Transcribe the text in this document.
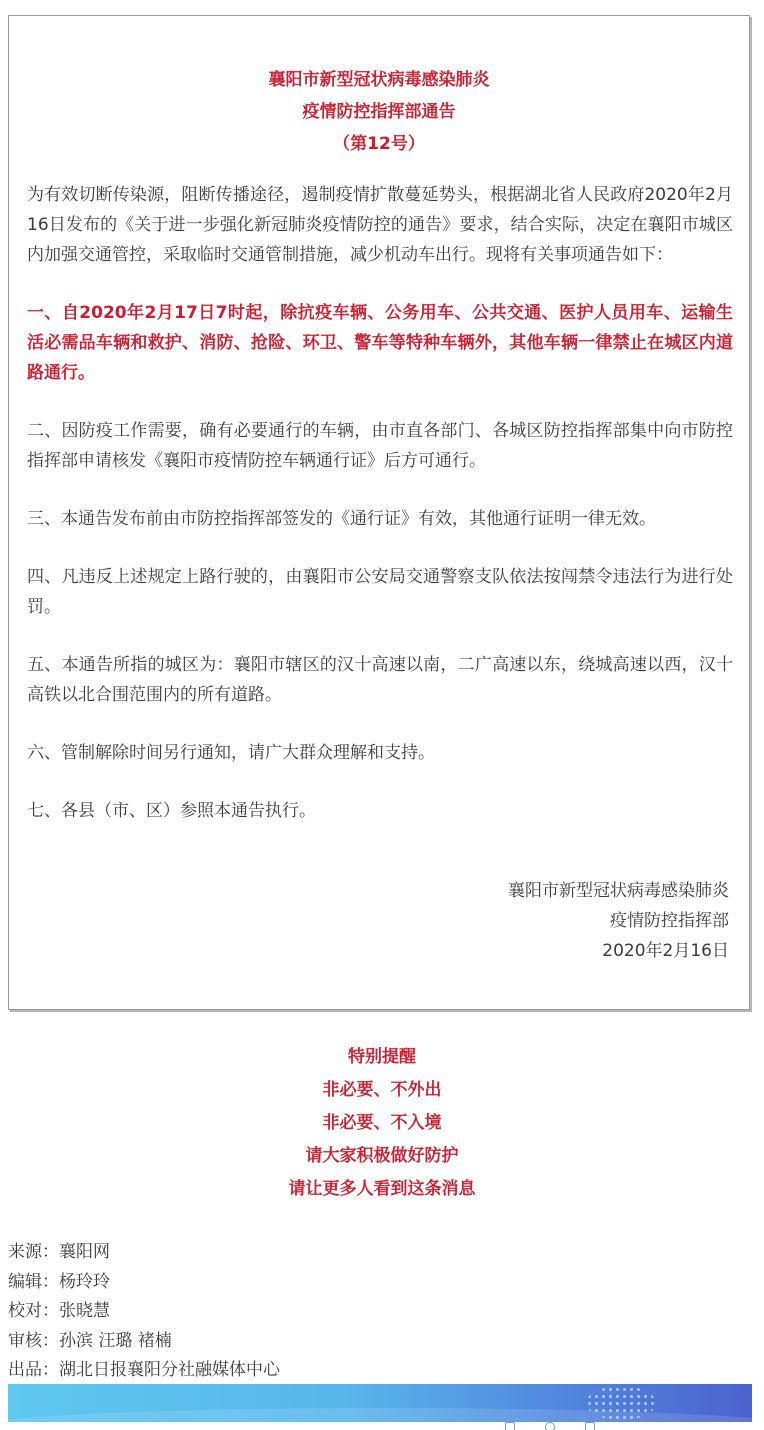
襄阳市新型冠状病毒感染肺炎
疫情防控指挥部通告
（第12号）

为有效切断传染源，阻断传播途径，遏制疫情扩散蔓延势头，根据湖北省人民政府2020年2月16日发布的《关于进一步强化新冠肺炎疫情防控的通告》要求，结合实际，决定在襄阳市城区内加强交通管控，采取临时交通管制措施，减少机动车出行。现将有关事项通告如下：

一、自2020年2月17日7时起，除抗疫车辆、公务用车、公共交通、医护人员用车、运输生活必需品车辆和救护、消防、抢险、环卫、警车等特种车辆外，其他车辆一律禁止在城区内道路通行。

二、因防疫工作需要，确有必要通行的车辆，由市直各部门、各城区防控指挥部集中向市防控指挥部申请核发《襄阳市疫情防控车辆通行证》后方可通行。

三、本通告发布前由市防控指挥部签发的《通行证》有效，其他通行证明一律无效。

四、凡违反上述规定上路行驶的，由襄阳市公安局交通警察支队依法按闯禁令违法行为进行处罚。

五、本通告所指的城区为：襄阳市辖区的汉十高速以南，二广高速以东，绕城高速以西，汉十高铁以北合围范围内的所有道路。

六、管制解除时间另行通知，请广大群众理解和支持。

七、各县（市、区）参照本通告执行。

襄阳市新型冠状病毒感染肺炎
疫情防控指挥部
2020年2月16日
特别提醒
非必要、不外出
非必要、不入境
请大家积极做好防护
请让更多人看到这条消息
来源：襄阳网
编辑：杨玲玲
校对：张晓慧
审核：孙滨 汪璐 褚楠
出品：湖北日报襄阳分社融媒体中心
